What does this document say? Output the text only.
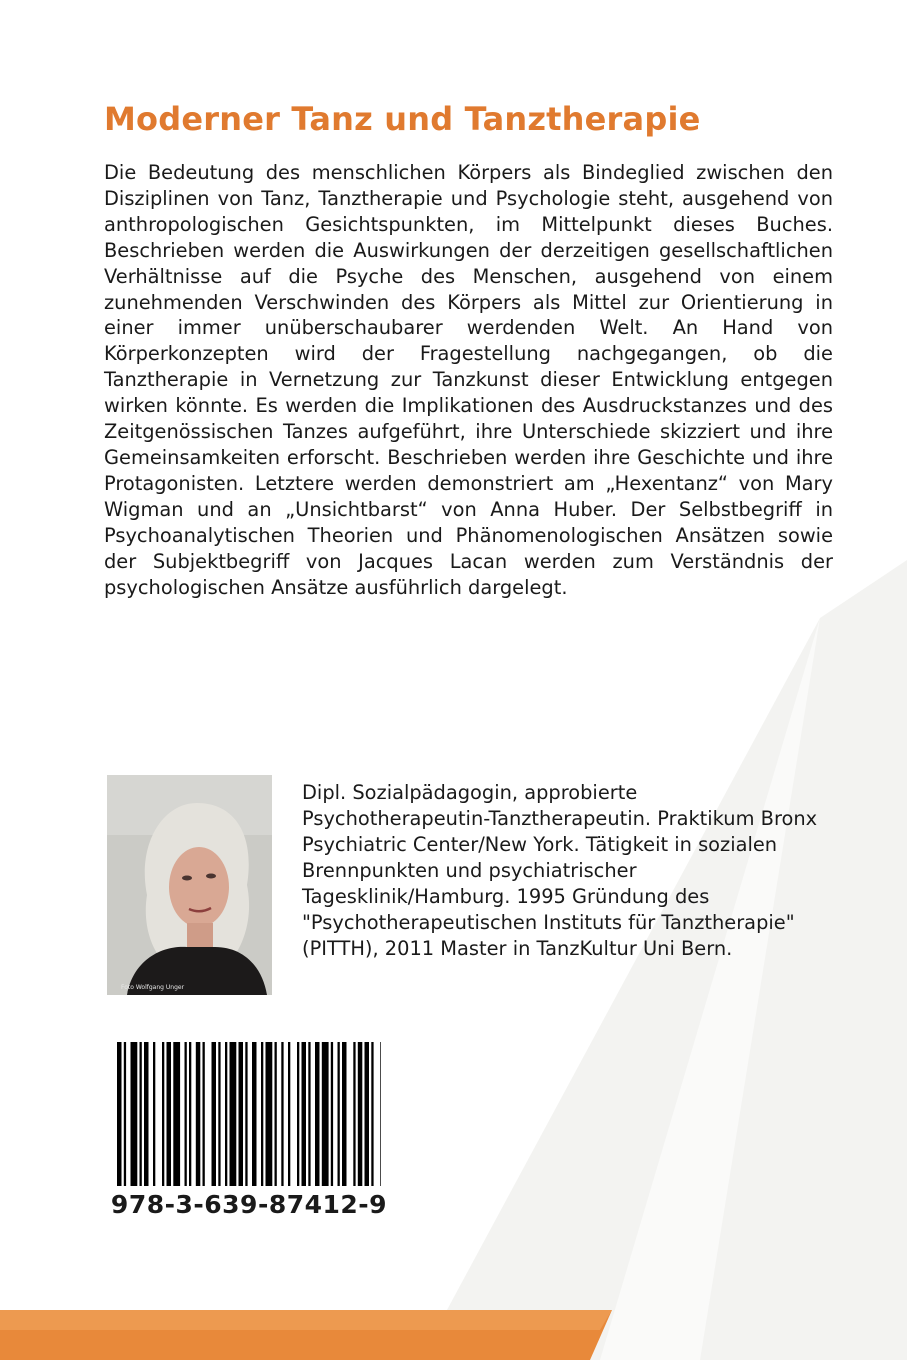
Moderner Tanz und Tanztherapie

Die Bedeutung des menschlichen Körpers als Bindeglied zwischen den Disziplinen von Tanz, Tanztherapie und Psychologie steht, ausgehend von anthropologischen Gesichtspunkten, im Mittelpunkt dieses Buches. Beschrieben werden die Auswirkungen der derzeitigen gesellschaftlichen Verhältnisse auf die Psyche des Menschen, ausgehend von einem zunehmenden Verschwinden des Körpers als Mittel zur Orientierung in einer immer unüberschaubarer werdenden Welt. An Hand von Körperkonzepten wird der Fragestellung nachgegangen, ob die Tanztherapie in Vernetzung zur Tanzkunst dieser Entwicklung entgegen wirken könnte. Es werden die Implikationen des Ausdruckstanzes und des Zeitgenössischen Tanzes aufgeführt, ihre Unterschiede skizziert und ihre Gemeinsamkeiten erforscht. Beschrieben werden ihre Geschichte und ihre Protagonisten. Letztere werden demonstriert am „Hexentanz“ von Mary Wigman und an „Unsichtbarst“ von Anna Huber. Der Selbstbegriff in Psychoanalytischen Theorien und Phänomenologischen Ansätzen sowie der Subjektbegriff von Jacques Lacan werden zum Verständnis der psychologischen Ansätze ausführlich dargelegt.

Foto Wolfgang Unger

Dipl. Sozialpädagogin, approbierte Psychotherapeutin-Tanztherapeutin. Praktikum Bronx Psychiatric Center/New York. Tätigkeit in sozialen Brennpunkten und psychiatrischer Tagesklinik/Hamburg. 1995 Gründung des "Psychotherapeutischen Instituts für Tanztherapie" (PITTH), 2011 Master in TanzKultur Uni Bern.

978-3-639-87412-9
